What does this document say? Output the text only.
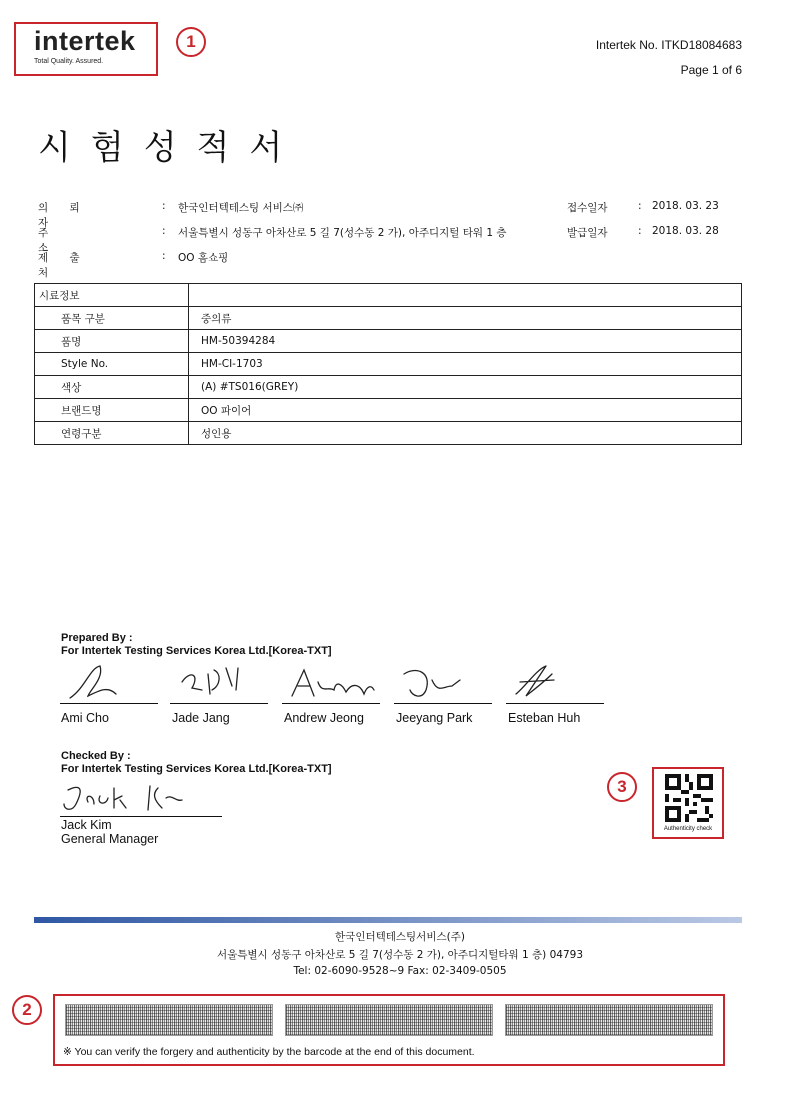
intertek
Total Quality. Assured.
1	Intertek No. ITKD18084683
Page 1 of 6
시험성적서
의 뢰 자
: 한국인터텍테스팅 서비스㈜
주 소
: 서울특별시 성동구 아차산로 5 길 7(성수동 2 가), 아주디지털 타워 1 층
제 출 처
: OO 홈쇼핑
접수일자	: 2018. 03. 23
발급일자	: 2018. 03. 28
시료정보	
품목 구분	중의류
품명	HM-50394284
Style No.	HM-CI-1703
색상	(A) #TS016(GREY)
브랜드명	OO 파이어
연령구분	성인용
Prepared By :
For Intertek Testing Services Korea Ltd.[Korea-TXT]
Ami Cho	Jade Jang	Andrew Jeong	Jeeyang Park	Esteban Huh
Checked By :
For Intertek Testing Services Korea Ltd.[Korea-TXT]
Jack Kim
General Manager
3
Authenticity check
한국인터텍테스팅서비스(주)
서울특별시 성동구 아차산로 5 길 7(성수동 2 가), 아주디지털타워 1 층) 04793
Tel: 02-6090-9528~9 Fax: 02-3409-0505
2
※ You can verify the forgery and authenticity by the barcode at the end of this document.
